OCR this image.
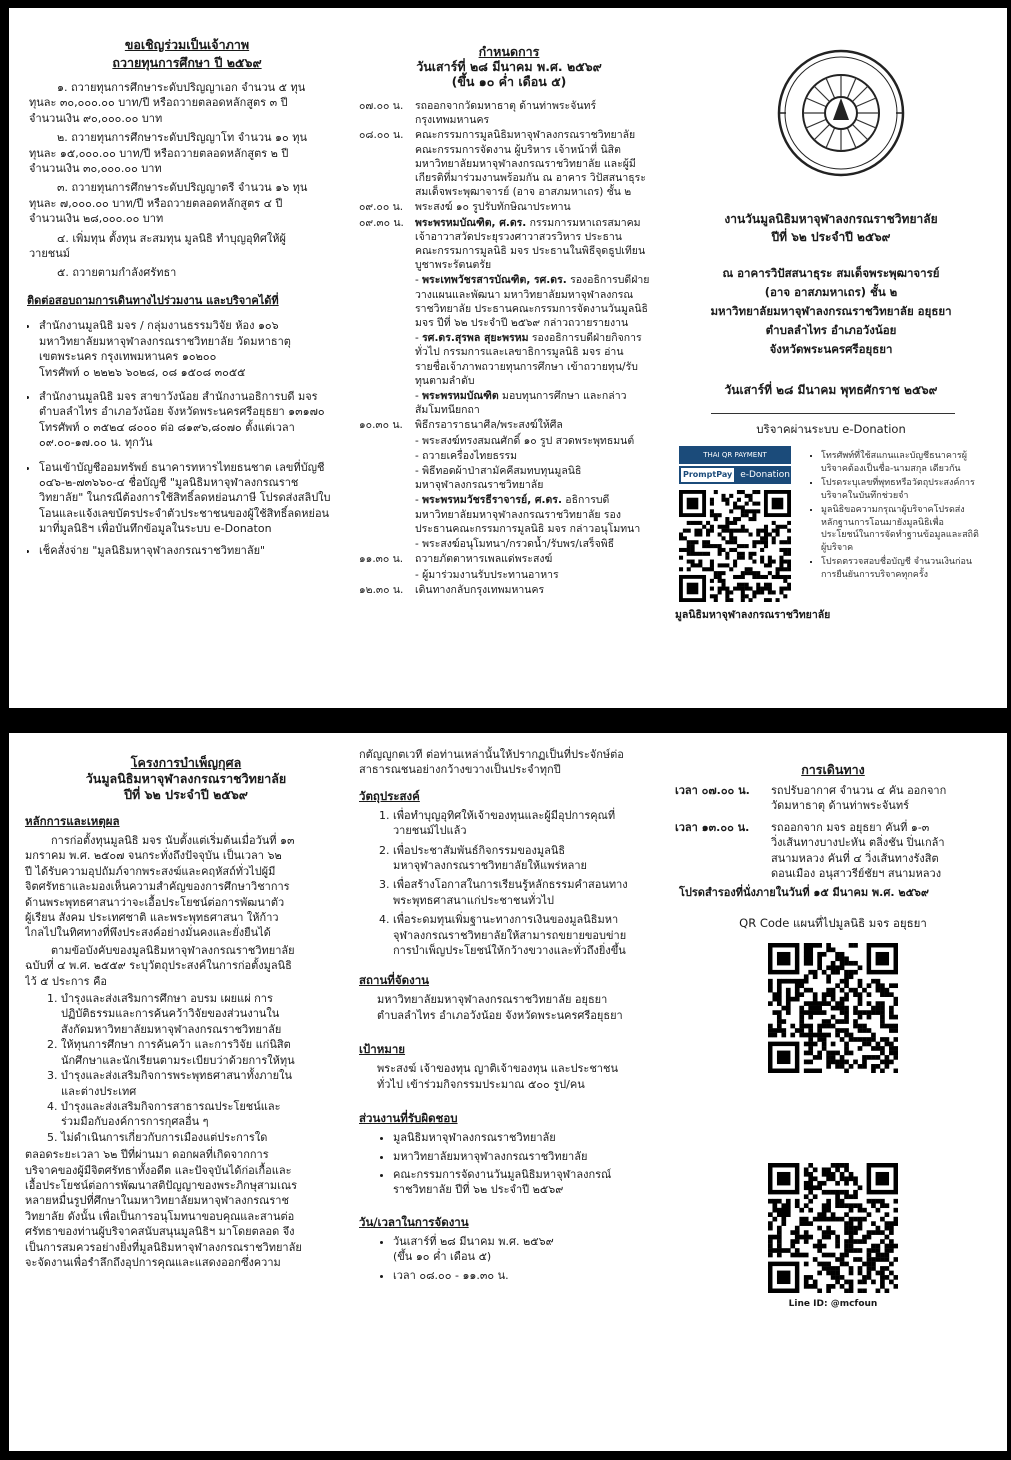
ขอเชิญร่วมเป็นเจ้าภาพ

ถวายทุนการศึกษา ปี ๒๕๖๙

๑. ถวายทุนการศึกษาระดับปริญญาเอก จำนวน ๕ ทุน
ทุนละ ๓๐,๐๐๐.๐๐ บาท/ปี หรือถวายตลอดหลักสูตร ๓ ปี
จำนวนเงิน ๙๐,๐๐๐.๐๐ บาท

๒. ถวายทุนการศึกษาระดับปริญญาโท จำนวน ๑๐ ทุน
ทุนละ ๑๕,๐๐๐.๐๐ บาท/ปี หรือถวายตลอดหลักสูตร ๒ ปี
จำนวนเงิน ๓๐,๐๐๐.๐๐ บาท

๓. ถวายทุนการศึกษาระดับปริญญาตรี จำนวน ๑๖ ทุน
ทุนละ ๗,๐๐๐.๐๐ บาท/ปี หรือถวายตลอดหลักสูตร ๔ ปี
จำนวนเงิน ๒๘,๐๐๐.๐๐ บาท

๔. เพิ่มทุน ตั้งทุน สะสมทุน มูลนิธิ ทำบุญอุทิศให้ผู้
วายชนม์

๕. ถวายตามกำลังศรัทธา

ติดต่อสอบถามการเดินทางไปร่วมงาน และบริจาคได้ที่

• สำนักงานมูลนิธิ มจร / กลุ่มงานธรรมวิจัย ห้อง ๑๐๖
มหาวิทยาลัยมหาจุฬาลงกรณราชวิทยาลัย วัดมหาธาตุ
เขตพระนคร กรุงเทพมหานคร ๑๐๒๐๐
โทรศัพท์ ๐ ๒๒๒๖ ๖๐๒๘, ๐๘ ๑๕๐๘ ๓๐๕๕
• สำนักงานมูลนิธิ มจร สาขาวังน้อย สำนักงานอธิการบดี มจร
ตำบลลำไทร อำเภอวังน้อย จังหวัดพระนครศรีอยุธยา ๑๓๑๗๐
โทรศัพท์ ๐ ๓๕๒๔ ๘๐๐๐ ต่อ ๘๑๙๖,๘๐๗๐ ตั้งแต่เวลา
๐๙.๐๐-๑๗.๐๐ น. ทุกวัน
• โอนเข้าบัญชีออมทรัพย์ ธนาคารทหารไทยธนชาต เลขที่บัญชี
๐๔๖-๒-๗๓๖๖๐-๔ ชื่อบัญชี "มูลนิธิมหาจุฬาลงกรณราช
วิทยาลัย" ในกรณีต้องการใช้สิทธิ์ลดหย่อนภาษี โปรดส่งสลิปใบ
โอนและแจ้งเลขบัตรประจำตัวประชาชนของผู้ใช้สิทธิ์ลดหย่อน
มาที่มูลนิธิฯ เพื่อบันทึกข้อมูลในระบบ e-Donaton
• เช็คสั่งจ่าย "มูลนิธิมหาจุฬาลงกรณราชวิทยาลัย"

กำหนดการ

วันเสาร์ที่ ๒๘ มีนาคม พ.ศ. ๒๕๖๙

(ขึ้น ๑๐ ค่ำ เดือน ๕)

๐๗.๐๐ น.	รถออกจากวัดมหาธาตุ ด้านท่าพระจันทร์
กรุงเทพมหานคร
๐๘.๐๐ น.	คณะกรรมการมูลนิธิมหาจุฬาลงกรณราชวิทยาลัย
คณะกรรมการจัดงาน ผู้บริหาร เจ้าหน้าที่ นิสิต
มหาวิทยาลัยมหาจุฬาลงกรณราชวิทยาลัย และผู้มี
เกียรติที่มาร่วมงานพร้อมกัน ณ อาคาร วิปัสสนาธุระ
สมเด็จพระพุฒาจารย์ (อาจ อาสภมหาเถร) ชั้น ๒
๐๙.๐๐ น.	พระสงฆ์ ๑๐ รูปรับทักษิณาประทาน
๐๙.๓๐ น.	พระพรหมบัณฑิต, ศ.ดร. กรรมการมหาเถรสมาคม
เจ้าอาวาสวัดประยุรวงศาวาสวรวิหาร ประธาน
คณะกรรมการมูลนิธิ มจร ประธานในพิธีจุดธูปเทียน
บูชาพระรัตนตรัย
	- พระเทพวัชรสารบัณฑิต, รศ.ดร. รองอธิการบดีฝ่าย
วางแผนและพัฒนา มหาวิทยาลัยมหาจุฬาลงกรณ
ราชวิทยาลัย ประธานคณะกรรมการจัดงานวันมูลนิธิ
มจร ปีที่ ๖๒ ประจำปี ๒๕๖๙ กล่าวถวายรายงาน
	- รศ.ดร.สุรพล สุยะพรหม รองอธิการบดีฝ่ายกิจการ
ทั่วไป กรรมการและเลขาธิการมูลนิธิ มจร อ่าน
รายชื่อเจ้าภาพถวายทุนการศึกษา เข้าถวายทุน/รับ
ทุนตามลำดับ
	- พระพรหมบัณฑิต มอบทุนการศึกษา และกล่าว
สัมโมทนียกถา
๑๐.๓๐ น.	พิธีกรอาราธนาศีล/พระสงฆ์ให้ศีล
	- พระสงฆ์ทรงสมณศักดิ์ ๑๐ รูป สวดพระพุทธมนต์
	- ถวายเครื่องไทยธรรม
	- พิธีทอดผ้าป่าสามัคคีสมทบทุนมูลนิธิ
มหาจุฬาลงกรณราชวิทยาลัย
	- พระพรหมวัชรธีราจารย์, ศ.ดร. อธิการบดี
มหาวิทยาลัยมหาจุฬาลงกรณราชวิทยาลัย รอง
ประธานคณะกรรมการมูลนิธิ มจร กล่าวอนุโมทนา
	- พระสงฆ์อนุโมทนา/กรวดน้ำ/รับพร/เสร็จพิธี
๑๑.๓๐ น.	ถวายภัตตาหารเพลแด่พระสงฆ์
	- ผู้มาร่วมงานรับประทานอาหาร
๑๒.๓๐ น.	เดินทางกลับกรุงเทพมหานคร

งานวันมูลนิธิมหาจุฬาลงกรณราชวิทยาลัย

ปีที่ ๖๒ ประจำปี ๒๕๖๙

ณ อาคารวิปัสสนาธุระ สมเด็จพระพุฒาจารย์
(อาจ อาสภมหาเถร) ชั้น ๒
มหาวิทยาลัยมหาจุฬาลงกรณราชวิทยาลัย อยุธยา
ตำบลลำไทร อำเภอวังน้อย
จังหวัดพระนครศรีอยุธยา

วันเสาร์ที่ ๒๘ มีนาคม พุทธศักราช ๒๕๖๙

บริจาคผ่านระบบ e-Donation

THAI QR PAYMENT
PromptPay e-Donation
▪ โทรศัพท์ที่ใช้สแกนและบัญชีธนาคารผู้บริจาคต้องเป็นชื่อ-นามสกุล เดียวกัน
▪ โปรดระบุเลขที่พุทธหรือวัตถุประสงค์การบริจาคในบันทึกช่วยจำ
▪ มูลนิธิขอความกรุณาผู้บริจาคโปรดส่งหลักฐานการโอนมายังมูลนิธิเพื่อประโยชน์ในการจัดทำฐานข้อมูลและสถิติผู้บริจาค
▪ โปรดตรวจสอบชื่อบัญชี จำนวนเงินก่อนการยืนยันการบริจาคทุกครั้ง

มูลนิธิมหาจุฬาลงกรณราชวิทยาลัย

โครงการบำเพ็ญกุศล

วันมูลนิธิมหาจุฬาลงกรณราชวิทยาลัย

ปีที่ ๖๒ ประจำปี ๒๕๖๙

หลักการและเหตุผล

การก่อตั้งทุนมูลนิธิ มจร นับตั้งแต่เริ่มต้นเมื่อวันที่ ๑๓
มกราคม พ.ศ. ๒๕๐๗ จนกระทั่งถึงปัจจุบัน เป็นเวลา ๖๒
ปี ได้รับความอุปถัมภ์จากพระสงฆ์และคฤหัสถ์ทั่วไปผู้มี
จิตศรัทธาและมองเห็นความสำคัญของการศึกษาวิชาการ
ด้านพระพุทธศาสนาว่าจะเอื้อประโยชน์ต่อการพัฒนาตัว
ผู้เรียน สังคม ประเทศชาติ และพระพุทธศาสนา ให้ก้าว
ไกลไปในทิศทางที่พึงประสงค์อย่างมั่นคงและยั่งยืนได้

ตามข้อบังคับของมูลนิธิมหาจุฬาลงกรณราชวิทยาลัย
ฉบับที่ ๔ พ.ศ. ๒๕๕๙ ระบุวัตถุประสงค์ในการก่อตั้งมูลนิธิ
ไว้ ๕ ประการ คือ

1. บำรุงและส่งเสริมการศึกษา อบรม เผยแผ่ การ
ปฏิบัติธรรมและการค้นคว้าวิจัยของส่วนงานใน
สังกัดมหาวิทยาลัยมหาจุฬาลงกรณราชวิทยาลัย
2. ให้ทุนการศึกษา การค้นคว้า และการวิจัย แก่นิสิต
นักศึกษาและนักเรียนตามระเบียบว่าด้วยการให้ทุน
3. บำรุงและส่งเสริมกิจการพระพุทธศาสนาทั้งภายใน
และต่างประเทศ
4. บำรุงและส่งเสริมกิจการสาธารณประโยชน์และ
ร่วมมือกับองค์การการกุศลอื่น ๆ
5. ไม่ดำเนินการเกี่ยวกับการเมืองแต่ประการใด

ตลอดระยะเวลา ๖๒ ปีที่ผ่านมา ดอกผลที่เกิดจากการ
บริจาคของผู้มีจิตศรัทธาทั้งอดีต และปัจจุบันได้ก่อเกื้อและ
เอื้อประโยชน์ต่อการพัฒนาสติปัญญาของพระภิกษุสามเณร
หลายหมื่นรูปที่ศึกษาในมหาวิทยาลัยมหาจุฬาลงกรณราช
วิทยาลัย ดังนั้น เพื่อเป็นการอนุโมทนาขอบคุณและสานต่อ
ศรัทธาของท่านผู้บริจาคสนับสนุนมูลนิธิฯ มาโดยตลอด จึง
เป็นการสมควรอย่างยิ่งที่มูลนิธิมหาจุฬาลงกรณราชวิทยาลัย
จะจัดงานเพื่อรำลึกถึงอุปการคุณและแสดงออกซึ่งความ

กตัญญูกตเวที ต่อท่านเหล่านั้นให้ปรากฏเป็นที่ประจักษ์ต่อ
สาธารณชนอย่างกว้างขวางเป็นประจำทุกปี

วัตถุประสงค์

1. เพื่อทำบุญอุทิศให้เจ้าของทุนและผู้มีอุปการคุณที่
วายชนม์ไปแล้ว
2. เพื่อประชาสัมพันธ์กิจกรรมของมูลนิธิ
มหาจุฬาลงกรณราชวิทยาลัยให้แพร่หลาย
3. เพื่อสร้างโอกาสในการเรียนรู้หลักธรรมคำสอนทาง
พระพุทธศาสนาแก่ประชาชนทั่วไป
4. เพื่อระดมทุนเพิ่มฐานะทางการเงินของมูลนิธิมหา
จุฬาลงกรณราชวิทยาลัยให้สามารถขยายขอบข่าย
การบำเพ็ญประโยชน์ให้กว้างขวางและทั่วถึงยิ่งขึ้น

สถานที่จัดงาน

มหาวิทยาลัยมหาจุฬาลงกรณราชวิทยาลัย อยุธยา
ตำบลลำไทร อำเภอวังน้อย จังหวัดพระนครศรีอยุธยา

เป้าหมาย

พระสงฆ์ เจ้าของทุน ญาติเจ้าของทุน และประชาชน
ทั่วไป เข้าร่วมกิจกรรมประมาณ ๕๐๐ รูป/คน

ส่วนงานที่รับผิดชอบ

• มูลนิธิมหาจุฬาลงกรณราชวิทยาลัย
• มหาวิทยาลัยมหาจุฬาลงกรณราชวิทยาลัย
• คณะกรรมการจัดงานวันมูลนิธิมหาจุฬาลงกรณ์
ราชวิทยาลัย ปีที่ ๖๒ ประจำปี ๒๕๖๙

วัน/เวลาในการจัดงาน

• วันเสาร์ที่ ๒๘ มีนาคม พ.ศ. ๒๕๖๙
(ขึ้น ๑๐ ค่ำ เดือน ๕)
• เวลา ๐๘.๐๐ - ๑๑.๓๐ น.

การเดินทาง

เวลา ๐๗.๐๐ น.	รถปรับอากาศ จำนวน ๔ คัน ออกจาก
วัดมหาธาตุ ด้านท่าพระจันทร์
เวลา ๑๓.๐๐ น.	รถออกจาก มจร อยุธยา คันที่ ๑-๓
วิ่งเส้นทางบางปะหัน ตลิ่งชัน ปิ่นเกล้า
สนามหลวง คันที่ ๔ วิ่งเส้นทางรังสิต
ดอนเมือง อนุสาวรีย์ชัยฯ สนามหลวง

โปรดสำรองที่นั่งภายในวันที่ ๑๕ มีนาคม พ.ศ. ๒๕๖๙

QR Code แผนที่ไปมูลนิธิ มจร อยุธยา

Line ID: @mcfoun
